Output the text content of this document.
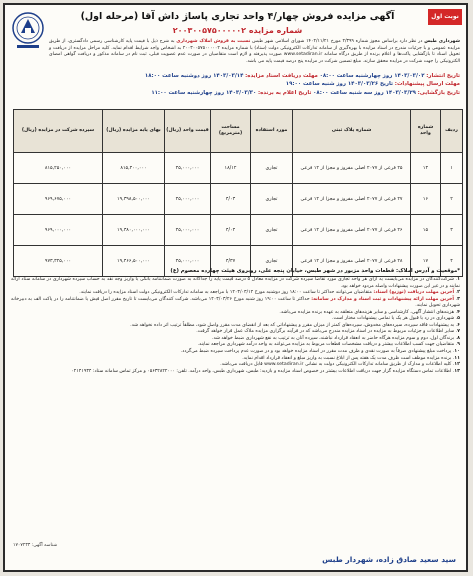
نوبت اول
آگهی مزایده فروش چهار/۴ واحد تجاری پاساژ داش آقا (مرحله اول)
شماره مزایده ۲۰۰۳۰۰۵۷۵۰۰۰۰۰۲
شهرداری طبس در نظر دارد براساس مجوز شماره ۲/۳۹۹ مورخ ۱۴۰۲/۱۱/۲۱ شورای اسلامی شهر طبس نسبت به فروش املاک شهرداری به شرح ذیل با قیمت پایه کارشناسی رسمی دادگستری، از طریق مزایده عمومی و با جزئیات مندرج در اسناد مزایده با بهره‌گیری از سامانه تدارکات الکترونیکی دولت (ستاد) با شماره مزایده ۲۰۰۳۰۰۵۷۵۰۰۰۰۰۲ به اشخاص واجد شرایط اقدام نماید. کلیه مراحل مزایده از دریافت و تحویل اسناد تا بازگشایی پاکت‌ها و اعلام برنده از طریق درگاه سامانه www.setadiran.ir صورت پذیرفته و لازم است متقاضیان در صورت عدم عضویت قبلی، ثبت نام در سامانه مذکور و دریافت گواهی امضای الکترونیکی را جهت شرکت در مزایده محقق سازند. مبلغ تضمین شرکت در مزایده پنج درصد قیمت پایه می باشد.
تاریخ انتشار: ۱۴۰۳/۰۳/۰۲ روز چهارشنبه ساعت ۰۸:۰۰ مهلت دریافت اسناد مزایده: ۱۴۰۳/۰۳/۱۴ روز دوشنبه ساعت ۱۸:۰۰
مهلت ارسال پیشنهادات: تاریخ ۱۴۰۳/۰۳/۲۶ روز شنبه ساعت ۱۹:۰۰
تاریخ بازگشایی: ۱۴۰۳/۰۳/۲۹ روز سه شنبه ساعت ۰۸:۰۰ تاریخ اعلام به برنده: ۱۴۰۳/۰۳/۳۰ روز چهارشنبه ساعت ۱۱:۰۰
ردیف	شماره واحد	شماره پلاک ثبتی	مورد استفاده	مساحت (مترمربع)	قیمت واحد (ریال)	بهای پایه مزایده (ریال)	سپرده شرکت در مزایده (ریال)
۱	۱۴	۲۵ فرعی از ۲۰۷۷ اصلی مفروز و مجزا از ۱۲ فرعی	تجاری	۱۸/۱۲	۴۵,۰۰۰,۰۰۰	۸۱۵,۴۰۰,۰۰۰	۸۱۵,۲۵۰,۰۰۰
۲	۱۶	۲۷ فرعی از ۲۰۷۷ اصلی مفروز و مجزا از ۱۲ فرعی	تجاری	۴/۰۳	۴۵,۰۰۰,۰۰۰	۱۹,۳۹۸,۵۰۰,۰۰۰	۹۶۹,۶۷۵,۰۰۰
۳	۱۵	۲۶ فرعی از ۲۰۷۷ اصلی مفروز و مجزا از ۱۲ فرعی	تجاری	۴/۰۴	۴۵,۰۰۰,۰۰۰	۱۹,۳۸۰,۰۰۰,۰۰۰	۹۶۹,۰۰۰,۰۰۰
۴	۱۷	۲۸ فرعی از ۲۰۷۷ اصلی مفروز و مجزا از ۱۲ فرعی	تجاری	۴/۳۷	۴۵,۰۰۰,۰۰۰	۱۹,۴۶۶,۵۰۰,۰۰۰	۹۷۳,۳۲۵,۰۰۰
*موقعیت و آدرس املاک: قطعات واحد مزبور در شهر طبس، خیابان پنجه علی، روبروی هیئت چهارده معصوم (ع)

۱. شرکت‌کنندگان در مزایده می‌بایست یه ازای هر واحد تجاری مورد تقاضا سپرده شرکت در مزایده معادل ۵ درصد قیمت پایه را جداگانه به صورت ضمانتنامه بانکی یا واریز وجه نقد به حساب سپرده شهرداری در سامانه ستاد ارائه نمایند و در غیر این صورت پیشنهادات واصله مردود خواهد بود.

۲. آخرین مهلت دریافت (توزیع) اسناد: متقاضیان می‌توانند حداکثر تا ساعت ۱۸:۰۰ روز دوشنبه مورخ ۱۴۰۳/۰۳/۱۴ با مراجعه به سامانه تدارکات الکترونیکی دولت اسناد مزایده را دریافت نمایند.

۳. آخرین مهلت ارائه پیشنهادات و ثبت اسناد و مدارک در سامانه: حداکثر تا ساعت ۱۹:۰۰ روز شنبه مورخ ۱۴۰۳/۰۳/۲۶ می‌باشد. شرکت کنندگان می‌بایست تا تاریخ مقرر اصل فیش یا ضمانتنامه را در پاکت الف به دبیرخانه شهرداری تحویل نمایند.

۴. هزینه‌های انتشار آگهی، کارشناسی و سایر هزینه‌های متعلقه به عهده برنده مزایده می‌باشد.

۵. شهرداری در رد یا قبول هر یک یا تمامی پیشنهادات مختار است.

۶. به پیشنهادات فاقد سپرده، سپرده‌های مخدوش، سپرده‌های کمتر از میزان مقرر و پیشنهاداتی که بعد از انقضای مدت مقرر واصل شود، مطلقاً ترتیب اثر داده نخواهد شد.

۷. سایر اطلاعات و جزئیات مربوط به مزایده در اسناد مزایده مندرج می‌باشد که در فرآیند برگزاری مزایده ملاک عمل قرار خواهد گرفت.

۸. برندگان اول، دوم و سوم مزایده هرگاه حاضر به انعقاد قرارداد نباشند، سپرده آنان به ترتیب به نفع شهرداری ضبط خواهد شد.

۹. متقاضیان جهت کسب اطلاعات بیشتر و دریافت مشخصات قطعات مربوط به مزایده می‌توانند به واحد درآمد شهرداری مراجعه نمایند.

۱۰. پرداخت مبلغ پیشنهادی صرفاً به صورت نقدی و ظرف مدت مقرر در اسناد مزایده خواهد بود و در صورت عدم پرداخت سپرده ضبط می‌گردد.

۱۱. برنده مزایده موظف است ظرف مدت یک هفته پس از ابلاغ نسبت به واریز مبلغ و انعقاد قرارداد اقدام نماید.

۱۲. کلیه اطلاعات و مدارک از طریق سامانه تدارکات الکترونیکی دولت به نشانی www.setadiran.ir قابل دریافت می‌باشد.

۱۳. اطلاعات تماس دستگاه مزایده گزار جهت دریافت اطلاعات بیشتر در خصوص اسناد مزایده و بازدید: طبس، شهرداری طبس، واحد درآمد. تلفن: ۰۵۶۳۲۸۲۲۰۰۰ و مرکز تماس سامانه ستاد: ۰۲۱۴۱۹۳۴

شناسه آگهی: ۱۷۰۷۲۳۳
سید سعید صادق زاده، شهردار طبس
